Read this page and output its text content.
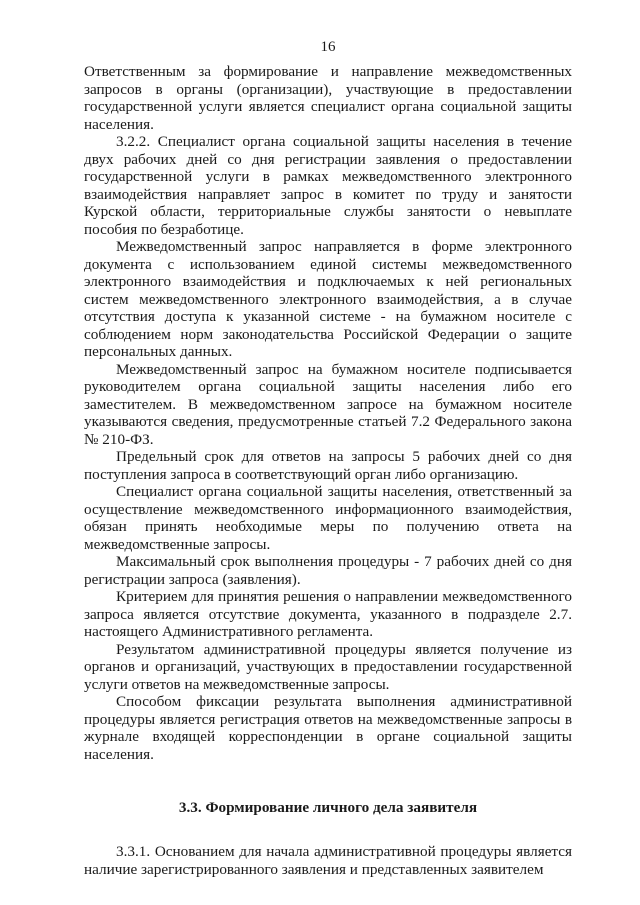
16

Ответственным за формирование и направление межведомственных запросов в органы (организации), участвующие в предоставлении государственной услуги является специалист органа социальной защиты населения.

3.2.2. Специалист органа социальной защиты населения в течение двух рабочих дней со дня регистрации заявления о предоставлении государственной услуги в рамках межведомственного электронного взаимодействия направляет запрос в комитет по труду и занятости Курской области, территориальные службы занятости о невыплате пособия по безработице.

Межведомственный запрос направляется в форме электронного документа с использованием единой системы межведомственного электронного взаимодействия и подключаемых к ней региональных систем межведомственного электронного взаимодействия, а в случае отсутствия доступа к указанной системе - на бумажном носителе с соблюдением норм законодательства Российской Федерации о защите персональных данных.

Межведомственный запрос на бумажном носителе подписывается руководителем органа социальной защиты населения либо его заместителем. В межведомственном запросе на бумажном носителе указываются сведения, предусмотренные статьей 7.2 Федерального закона № 210-ФЗ.

Предельный срок для ответов на запросы 5 рабочих дней со дня поступления запроса в соответствующий орган либо организацию.

Специалист органа социальной защиты населения, ответственный за осуществление межведомственного информационного взаимодействия, обязан принять необходимые меры по получению ответа на межведомственные запросы.

Максимальный срок выполнения процедуры - 7 рабочих дней со дня регистрации запроса (заявления).

Критерием для принятия решения о направлении межведомственного запроса является отсутствие документа, указанного в подразделе 2.7. настоящего Административного регламента.

Результатом административной процедуры является получение из органов и организаций, участвующих в предоставлении государственной услуги ответов на межведомственные запросы.

Способом фиксации результата выполнения административной процедуры является регистрация ответов на межведомственные запросы в журнале входящей корреспонденции в органе социальной защиты населения.

3.3. Формирование личного дела заявителя

3.3.1. Основанием для начала административной процедуры является наличие зарегистрированного заявления и представленных заявителем
